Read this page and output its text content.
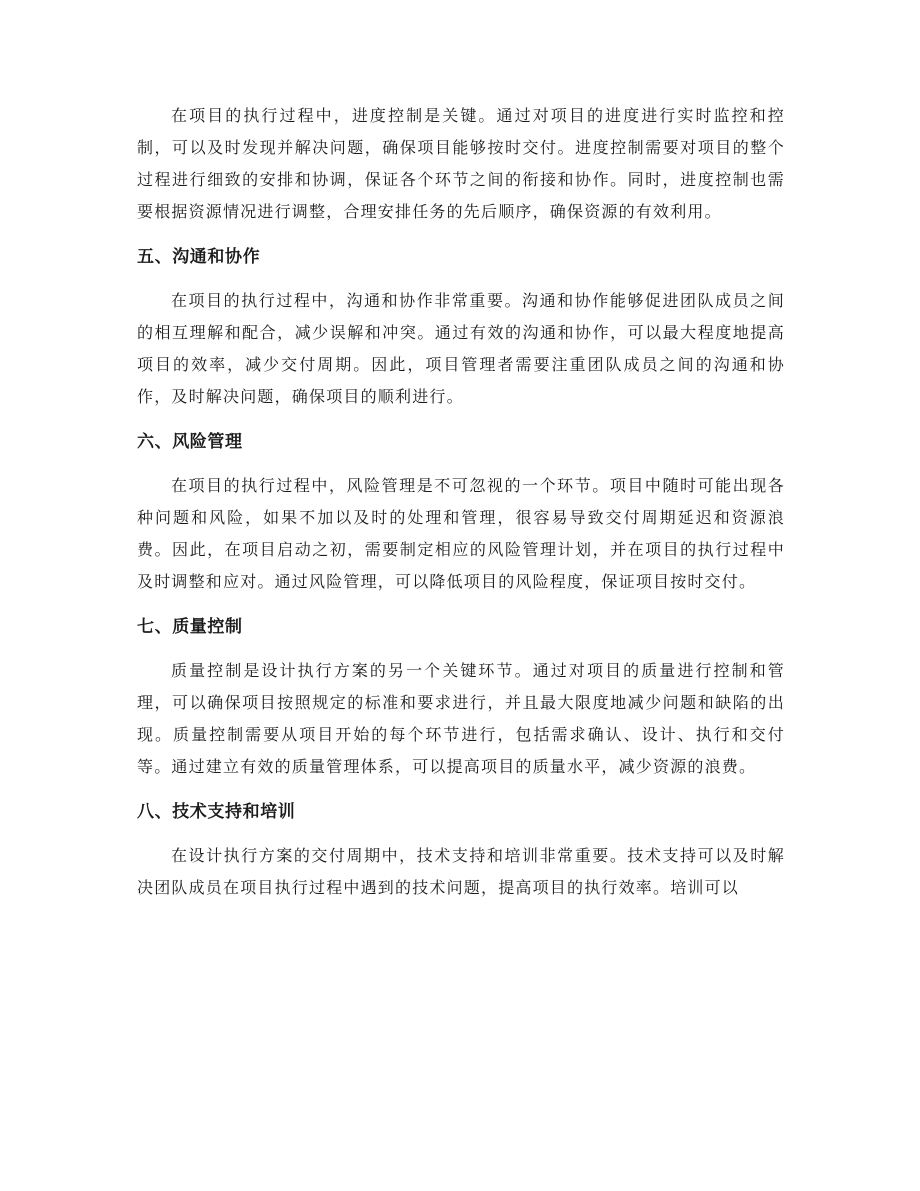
在项目的执行过程中，进度控制是关键。通过对项目的进度进行实时监控和控制，可以及时发现并解决问题，确保项目能够按时交付。进度控制需要对项目的整个过程进行细致的安排和协调，保证各个环节之间的衔接和协作。同时，进度控制也需要根据资源情况进行调整，合理安排任务的先后顺序，确保资源的有效利用。

五、沟通和协作

在项目的执行过程中，沟通和协作非常重要。沟通和协作能够促进团队成员之间的相互理解和配合，减少误解和冲突。通过有效的沟通和协作，可以最大程度地提高项目的效率，减少交付周期。因此，项目管理者需要注重团队成员之间的沟通和协作，及时解决问题，确保项目的顺利进行。

六、风险管理

在项目的执行过程中，风险管理是不可忽视的一个环节。项目中随时可能出现各种问题和风险，如果不加以及时的处理和管理，很容易导致交付周期延迟和资源浪费。因此，在项目启动之初，需要制定相应的风险管理计划，并在项目的执行过程中及时调整和应对。通过风险管理，可以降低项目的风险程度，保证项目按时交付。

七、质量控制

质量控制是设计执行方案的另一个关键环节。通过对项目的质量进行控制和管理，可以确保项目按照规定的标准和要求进行，并且最大限度地减少问题和缺陷的出现。质量控制需要从项目开始的每个环节进行，包括需求确认、设计、执行和交付等。通过建立有效的质量管理体系，可以提高项目的质量水平，减少资源的浪费。

八、技术支持和培训

在设计执行方案的交付周期中，技术支持和培训非常重要。技术支持可以及时解决团队成员在项目执行过程中遇到的技术问题，提高项目的执行效率。培训可以
